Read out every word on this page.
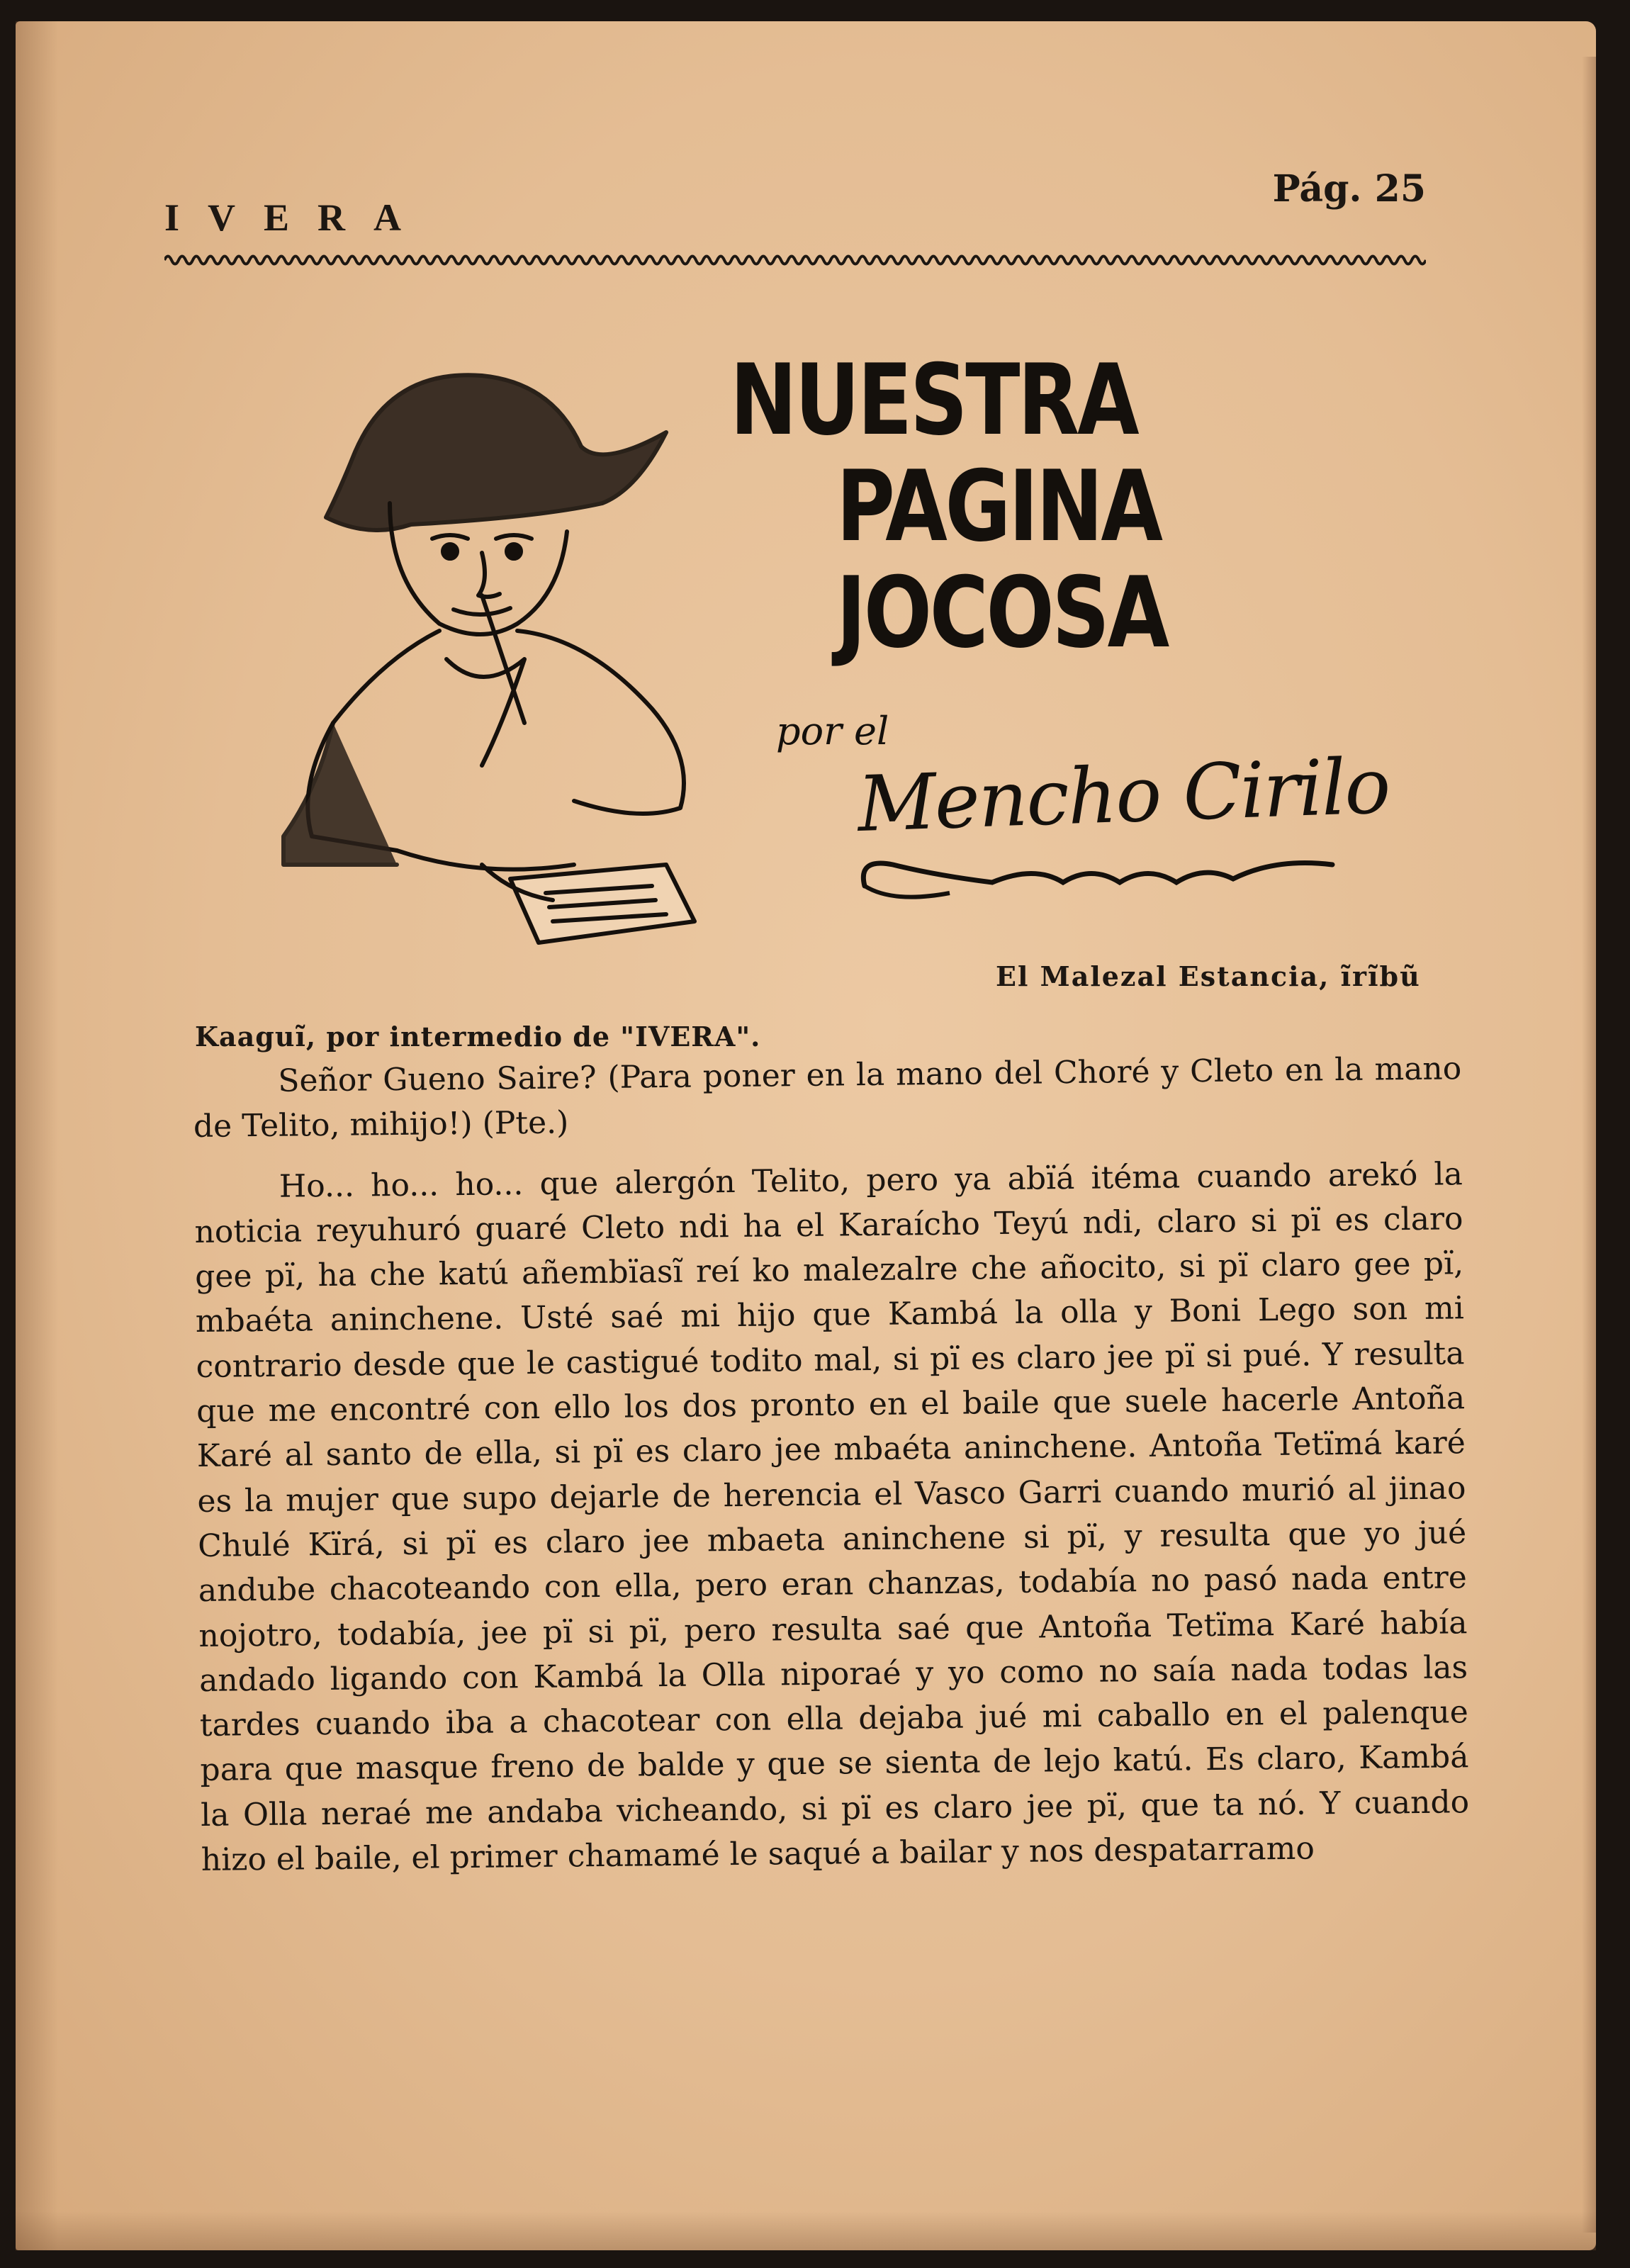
IVERA
Pág. 25
NUESTRA
PAGINA
JOCOSA
por el
Mencho Cirilo
El Malezal Estancia, ĩrĩbũ
Kaaguĩ, por intermedio de "IVERA".

Señor Gueno Saire? (Para poner en la mano del Choré y Cleto en la mano de Telito, mihijo!) (Pte.)

Ho... ho... ho... que alergón Telito, pero ya abïá itéma cuando arekó la noticia reyuhuró guaré Cleto ndi ha el Karaícho Teyú ndi, claro si pï es claro gee pï, ha che katú añembïasĩ reí ko malezalre che añocito, si pï claro gee pï, mbaéta aninchene. Usté saé mi hijo que Kambá la olla y Boni Lego son mi contrario desde que le castigué todito mal, si pï es claro jee pï si pué. Y resulta que me encontré con ello los dos pronto en el baile que suele hacerle Antoña Karé al santo de ella, si pï es claro jee mbaéta aninchene. Antoña Tetïmá karé es la mujer que supo dejarle de herencia el Vasco Garri cuando murió al jinao Chulé Kïrá, si pï es claro jee mbaeta aninchene si pï, y resulta que yo jué andube chacoteando con ella, pero eran chanzas, todabía no pasó nada entre nojotro, todabía, jee pï si pï, pero resulta saé que Antoña Tetïma Karé había andado ligando con Kambá la Olla niporaé y yo como no saía nada todas las tardes cuando iba a chacotear con ella dejaba jué mi caballo en el palenque para que masque freno de balde y que se sienta de lejo katú. Es claro, Kambá la Olla neraé me andaba vicheando, si pï es claro jee pï, que ta nó. Y cuando hizo el baile, el primer chamamé le saqué a bailar y nos despatarramo
